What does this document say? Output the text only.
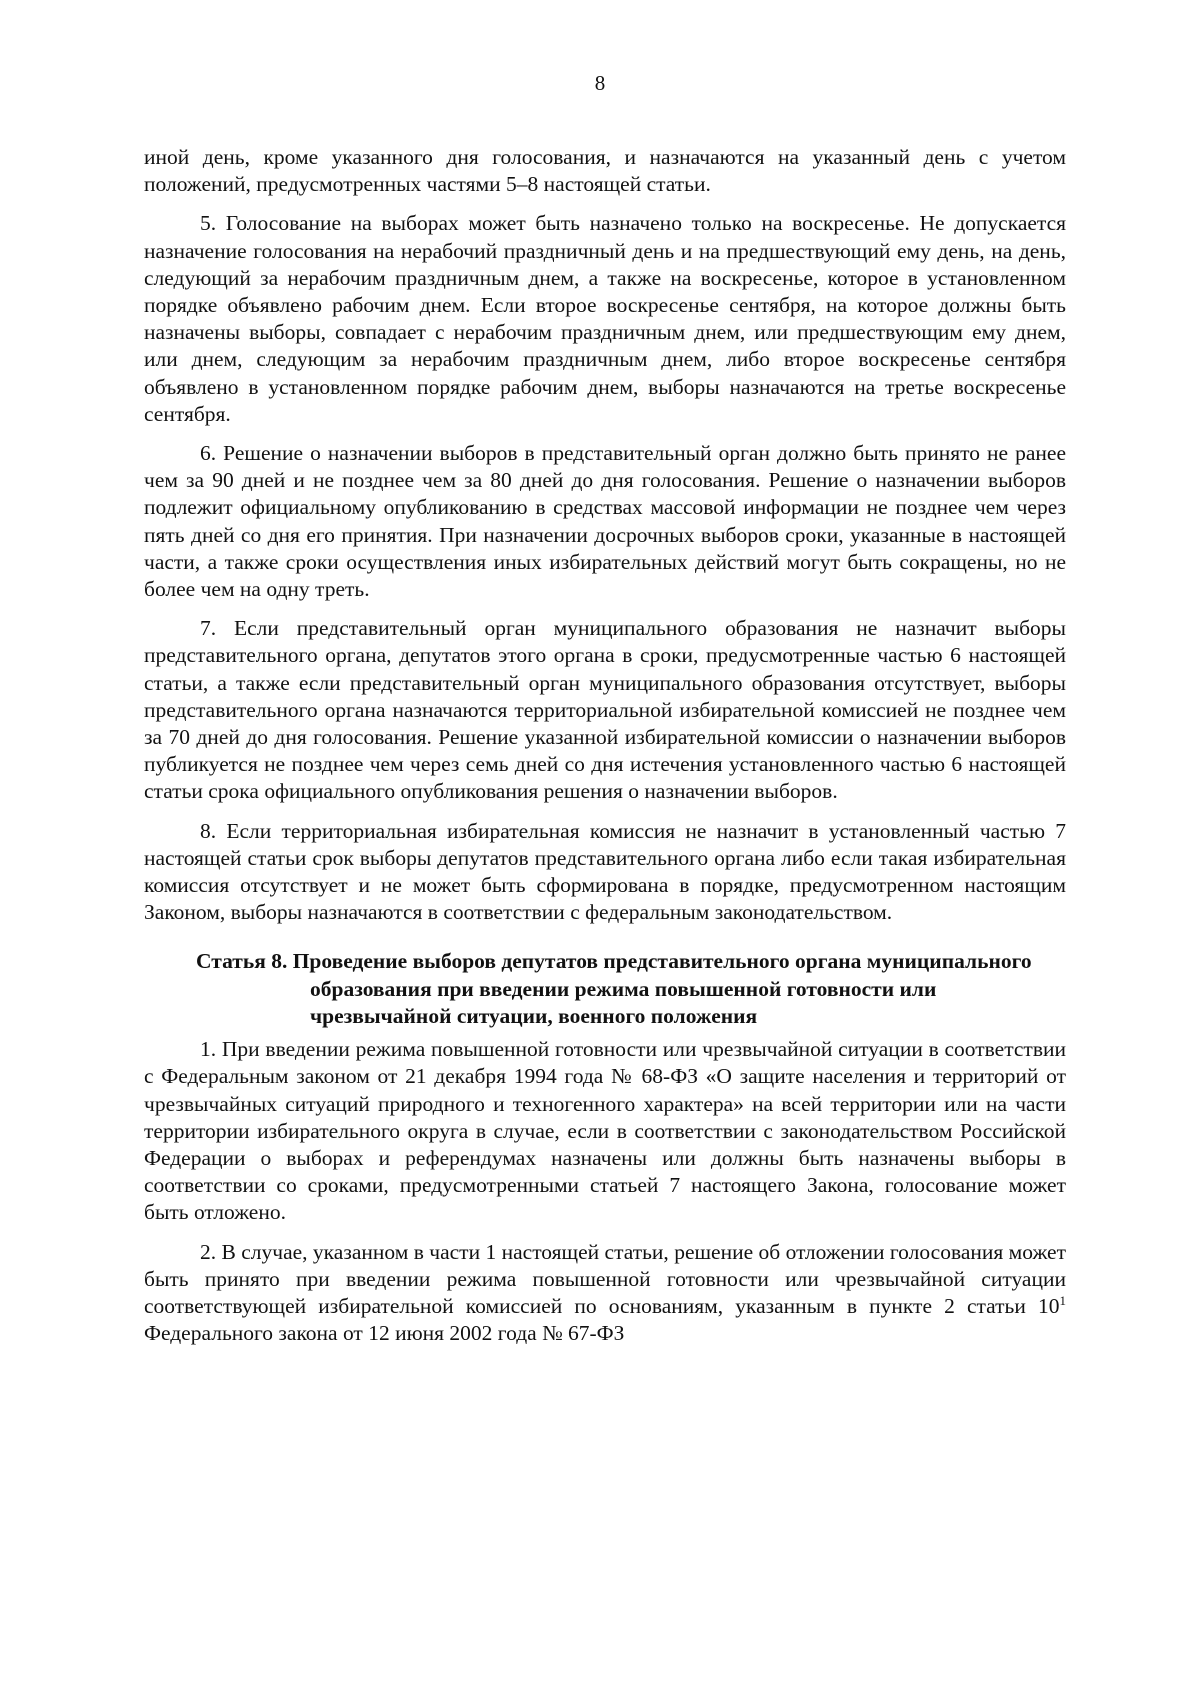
8

иной день, кроме указанного дня голосования, и назначаются на указанный день с учетом положений, предусмотренных частями 5–8 настоящей статьи.

5. Голосование на выборах может быть назначено только на воскресенье. Не допускается назначение голосования на нерабочий праздничный день и на предшествующий ему день, на день, следующий за нерабочим праздничным днем, а также на воскресенье, которое в установленном порядке объявлено рабочим днем. Если второе воскресенье сентября, на которое должны быть назначены выборы, совпадает с нерабочим праздничным днем, или предшествующим ему днем, или днем, следующим за нерабочим праздничным днем, либо второе воскресенье сентября объявлено в установленном порядке рабочим днем, выборы назначаются на третье воскресенье сентября.

6. Решение о назначении выборов в представительный орган должно быть принято не ранее чем за 90 дней и не позднее чем за 80 дней до дня голосования. Решение о назначении выборов подлежит официальному опубликованию в средствах массовой информации не позднее чем через пять дней со дня его принятия. При назначении досрочных выборов сроки, указанные в настоящей части, а также сроки осуществления иных избирательных действий могут быть сокращены, но не более чем на одну треть.

7. Если представительный орган муниципального образования не назначит выборы представительного органа, депутатов этого органа в сроки, предусмотренные частью 6 настоящей статьи, а также если представительный орган муниципального образования отсутствует, выборы представительного органа назначаются территориальной избирательной комиссией не позднее чем за 70 дней до дня голосования. Решение указанной избирательной комиссии о назначении выборов публикуется не позднее чем через семь дней со дня истечения установленного частью 6 настоящей статьи срока официального опубликования решения о назначении выборов.

8. Если территориальная избирательная комиссия не назначит в установленный частью 7 настоящей статьи срок выборы депутатов представительного органа либо если такая избирательная комиссия отсутствует и не может быть сформирована в порядке, предусмотренном настоящим Законом, выборы назначаются в соответствии с федеральным законодательством.

Статья 8. Проведение выборов депутатов представительного органа муниципального образования при введении режима повышенной готовности или чрезвычайной ситуации, военного положения

1. При введении режима повышенной готовности или чрезвычайной ситуации в соответствии с Федеральным законом от 21 декабря 1994 года № 68-ФЗ «О защите населения и территорий от чрезвычайных ситуаций природного и техногенного характера» на всей территории или на части территории избирательного округа в случае, если в соответствии с законодательством Российской Федерации о выборах и референдумах назначены или должны быть назначены выборы в соответствии со сроками, предусмотренными статьей 7 настоящего Закона, голосование может быть отложено.

2. В случае, указанном в части 1 настоящей статьи, решение об отложении голосования может быть принято при введении режима повышенной готовности или чрезвычайной ситуации соответствующей избирательной комиссией по основаниям, указанным в пункте 2 статьи $10^1$ Федерального закона от 12 июня 2002 года № 67-ФЗ
